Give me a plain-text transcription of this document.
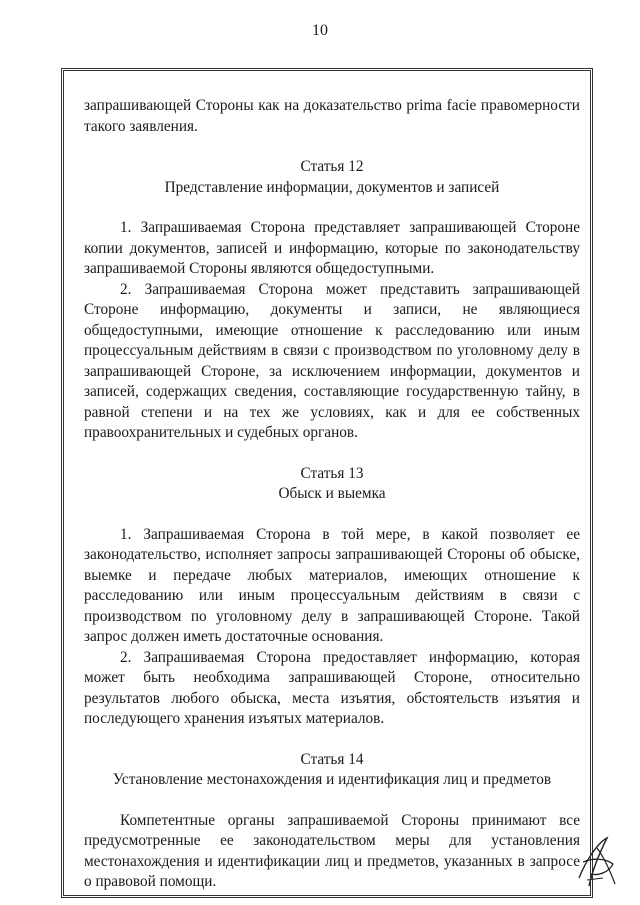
10

запрашивающей Стороны как на доказательство prima facie правомерности такого заявления.

Статья 12

Представление информации, документов и записей

1. Запрашиваемая Сторона представляет запрашивающей Стороне копии документов, записей и информацию, которые по законодательству запрашиваемой Стороны являются общедоступными.

2. Запрашиваемая Сторона может представить запрашивающей Стороне информацию, документы и записи, не являющиеся общедоступными, имеющие отношение к расследованию или иным процессуальным действиям в связи с производством по уголовному делу в запрашивающей Стороне, за исключением информации, документов и записей, содержащих сведения, составляющие государственную тайну, в равной степени и на тех же условиях, как и для ее собственных правоохранительных и судебных органов.

Статья 13

Обыск и выемка

1. Запрашиваемая Сторона в той мере, в какой позволяет ее законодательство, исполняет запросы запрашивающей Стороны об обыске, выемке и передаче любых материалов, имеющих отношение к расследованию или иным процессуальным действиям в связи с производством по уголовному делу в запрашивающей Стороне. Такой запрос должен иметь достаточные основания.

2. Запрашиваемая Сторона предоставляет информацию, которая может быть необходима запрашивающей Стороне, относительно результатов любого обыска, места изъятия, обстоятельств изъятия и последующего хранения изъятых материалов.

Статья 14

Установление местонахождения и идентификация лиц и предметов

Компетентные органы запрашиваемой Стороны принимают все предусмотренные ее законодательством меры для установления местонахождения и идентификации лиц и предметов, указанных в запросе о правовой помощи.
